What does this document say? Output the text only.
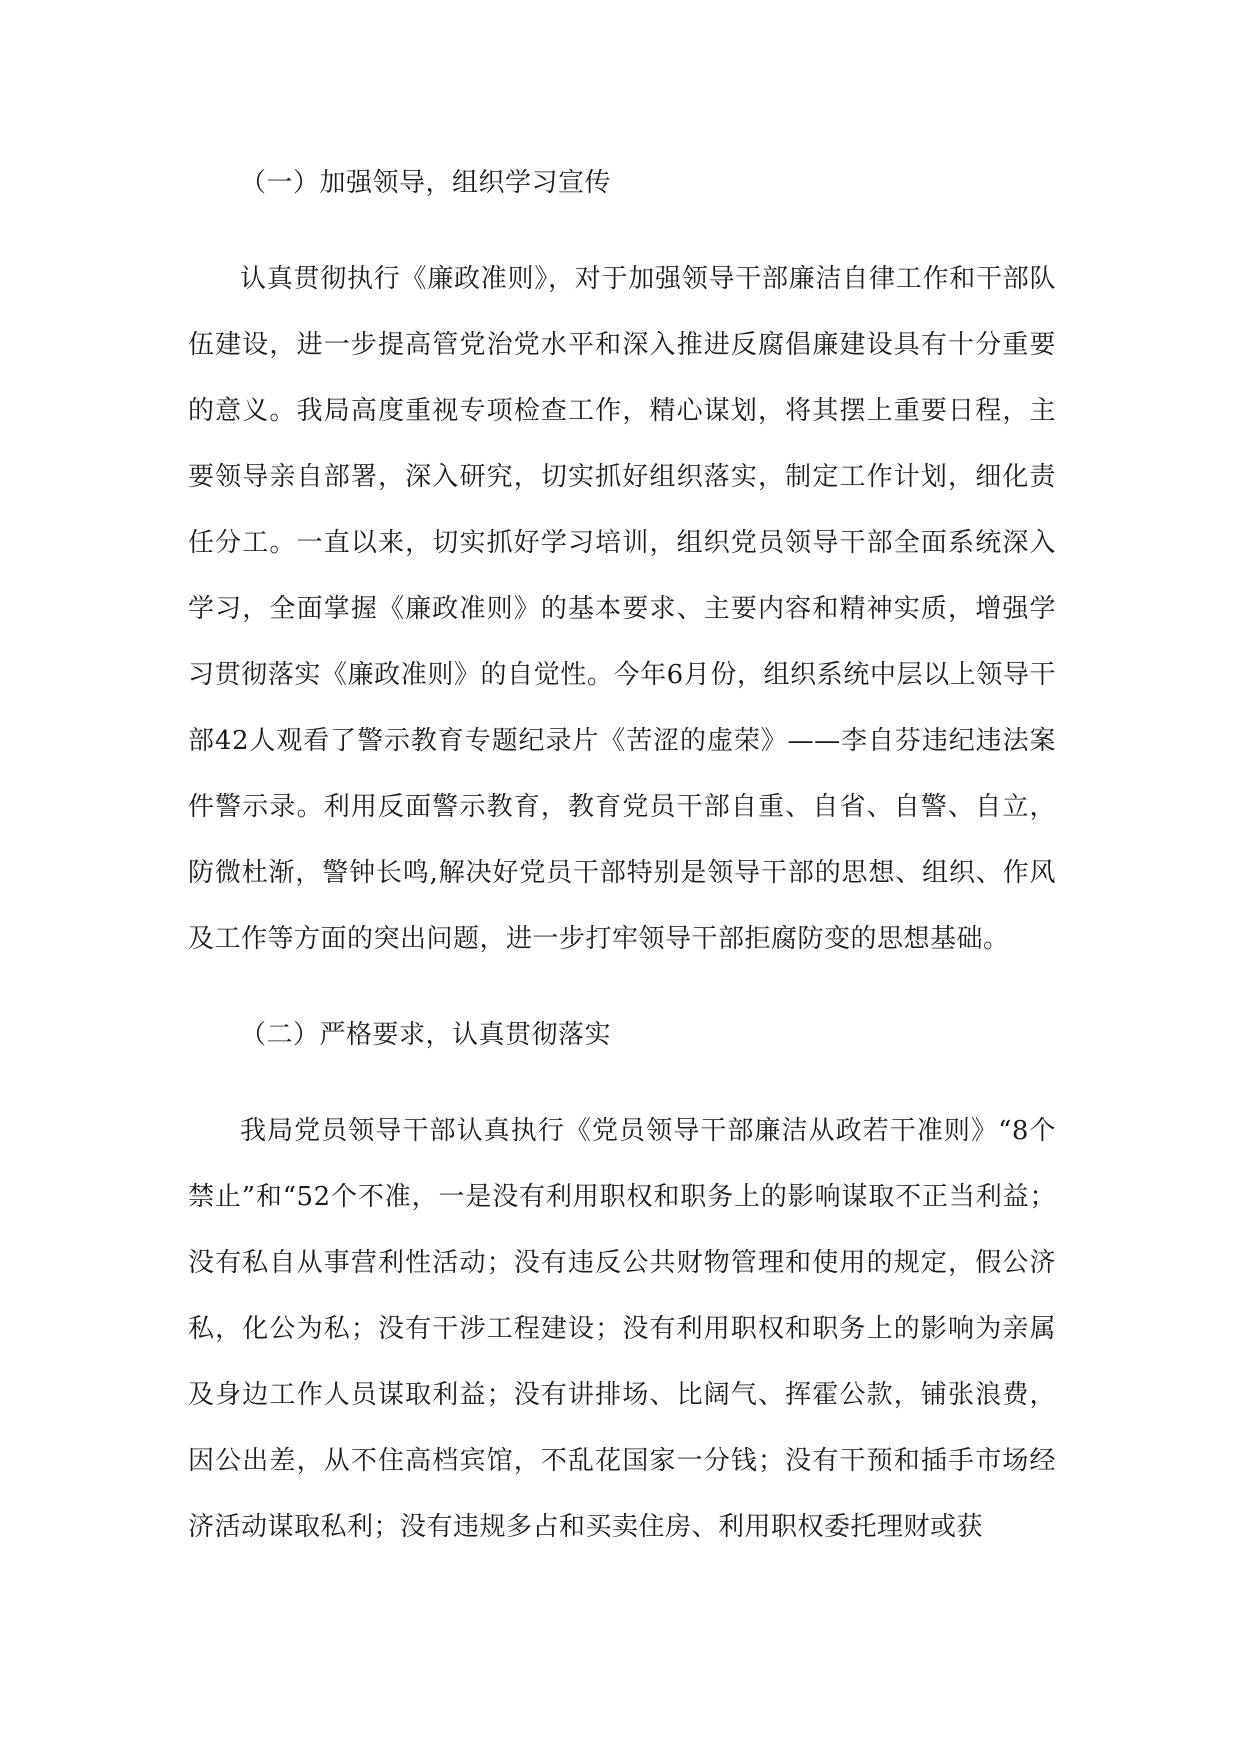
（一）加强领导，组织学习宣传
认真贯彻执行《廉政准则》，对于加强领导干部廉洁自律工作和干部队伍建设，进一步提高管党治党水平和深入推进反腐倡廉建设具有十分重要的意义。我局高度重视专项检查工作，精心谋划，将其摆上重要日程，主要领导亲自部署，深入研究，切实抓好组织落实，制定工作计划，细化责任分工。一直以来，切实抓好学习培训，组织党员领导干部全面系统深入学习，全面掌握《廉政准则》的基本要求、主要内容和精神实质，增强学习贯彻落实《廉政准则》的自觉性。今年6月份，组织系统中层以上领导干部42人观看了警示教育专题纪录片《苦涩的虚荣》——李自芬违纪违法案件警示录。利用反面警示教育，教育党员干部自重、自省、自警、自立，防微杜渐，警钟长鸣,解决好党员干部特别是领导干部的思想、组织、作风及工作等方面的突出问题，进一步打牢领导干部拒腐防变的思想基础。
（二）严格要求，认真贯彻落实
我局党员领导干部认真执行《党员领导干部廉洁从政若干准则》“8个禁止”和“52个不准，一是没有利用职权和职务上的影响谋取不正当利益；没有私自从事营利性活动；没有违反公共财物管理和使用的规定，假公济私，化公为私；没有干涉工程建设；没有利用职权和职务上的影响为亲属及身边工作人员谋取利益；没有讲排场、比阔气、挥霍公款，铺张浪费，因公出差，从不住高档宾馆，不乱花国家一分钱；没有干预和插手市场经济活动谋取私利；没有违规多占和买卖住房、利用职权委托理财或获
